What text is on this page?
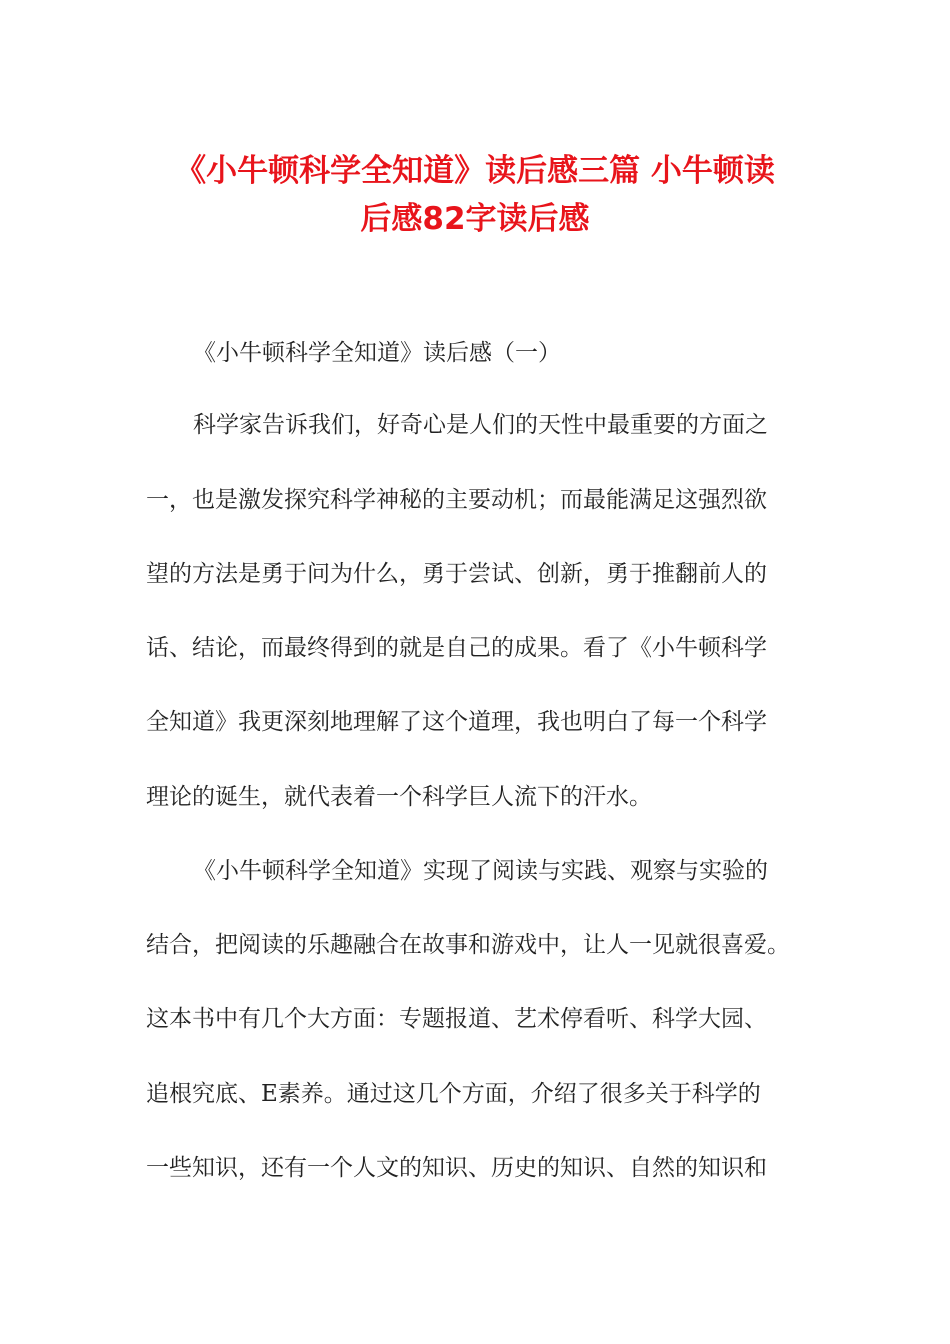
《小牛顿科学全知道》读后感三篇 小牛顿读
后感82字读后感
《小牛顿科学全知道》读后感（一）
科学家告诉我们，好奇心是人们的天性中最重要的方面之
一，也是激发探究科学神秘的主要动机；而最能满足这强烈欲
望的方法是勇于问为什么，勇于尝试、创新，勇于推翻前人的
话、结论，而最终得到的就是自己的成果。看了《小牛顿科学
全知道》我更深刻地理解了这个道理，我也明白了每一个科学
理论的诞生，就代表着一个科学巨人流下的汗水。
《小牛顿科学全知道》实现了阅读与实践、观察与实验的
结合，把阅读的乐趣融合在故事和游戏中，让人一见就很喜爱。
这本书中有几个大方面：专题报道、艺术停看听、科学大园、
追根究底、E素养。通过这几个方面，介绍了很多关于科学的
一些知识，还有一个人文的知识、历史的知识、自然的知识和
